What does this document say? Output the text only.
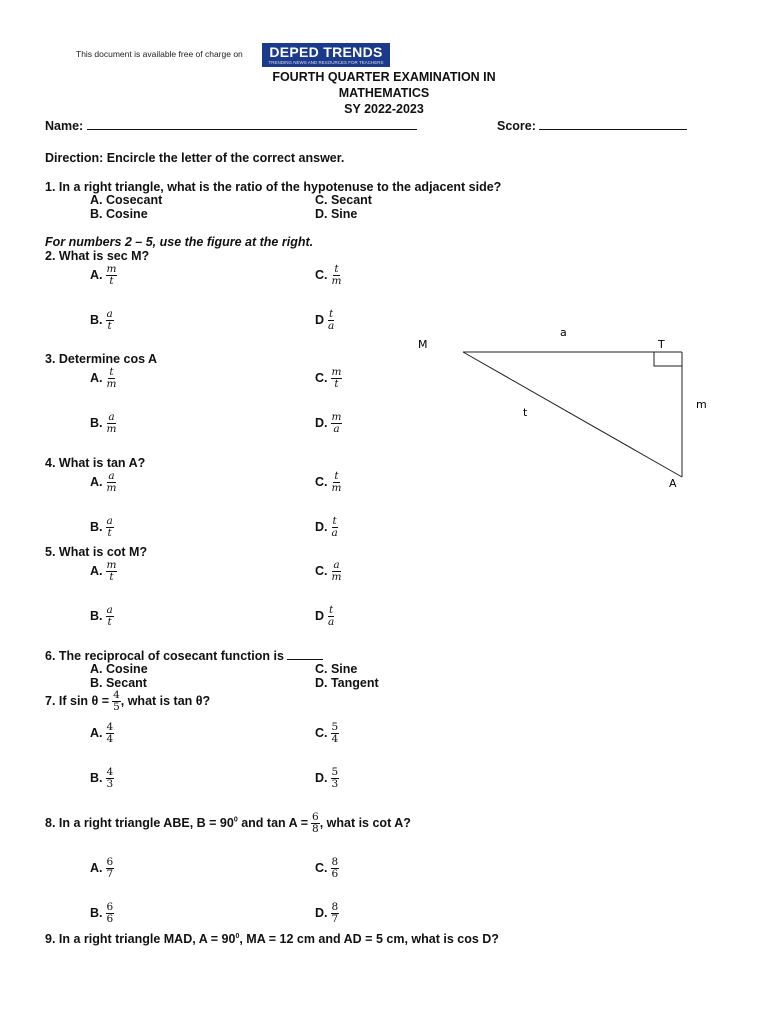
This document is available free of charge on	DEPED TRENDS
TRENDING NEWS AND RESOURCES FOR TEACHERS
FOURTH QUARTER EXAMINATION IN
MATHEMATICS
SY 2022-2023
Name:	Score:
Direction: Encircle the letter of the correct answer.
1. In a right triangle, what is the ratio of the hypotenuse to the adjacent side?
A. Cosecant	C. Secant
B. Cosine	D. Sine
For numbers 2 – 5, use the figure at the right.
2. What is sec M?
A. $\frac{m}{t}$	C. $\frac{t}{m}$
B. $\frac{a}{t}$	D $\frac{t}{a}$
3. Determine cos A
A. $\frac{t}{m}$	C. $\frac{m}{t}$
B. $\frac{a}{m}$	D. $\frac{m}{a}$
4. What is tan A?
A. $\frac{a}{m}$	C. $\frac{t}{m}$
B. $\frac{a}{t}$	D. $\frac{t}{a}$
5. What is cot M?
A. $\frac{m}{t}$	C. $\frac{a}{m}$
B. $\frac{a}{t}$	D $\frac{t}{a}$
6. The reciprocal of cosecant function is
A. Cosine	C. Sine
B. Secant	D. Tangent
7. If $\sin \theta = \frac{4}{5}$ , what is tan θ?
A. $\frac{4}{4}$	C. $\frac{5}{4}$
B. $\frac{4}{3}$	D. $\frac{5}{3}$
8. In a right triangle ABE, $B = 90^0$ and $\tan A = \frac{6}{8}$ , what is cot A?
A. $\frac{6}{7}$	C. $\frac{8}{6}$
B. $\frac{6}{6}$	D. $\frac{8}{7}$
9. In a right triangle MAD, $A = 90^0$, MA = 12 cm and AD = 5 cm, what is cos D?
M	T
A
a
t
m
